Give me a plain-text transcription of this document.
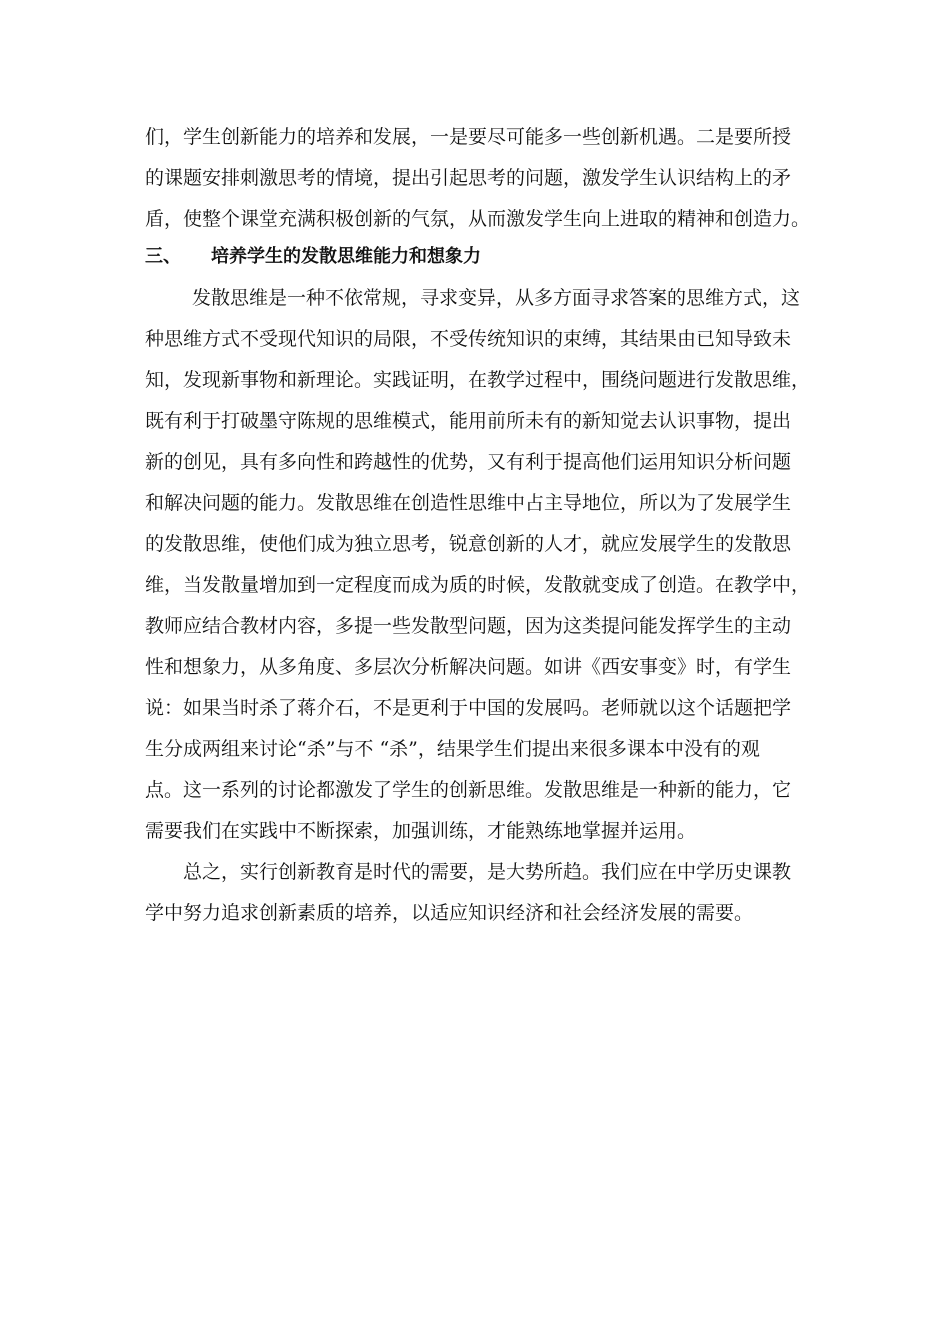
们，学生创新能力的培养和发展，一是要尽可能多一些创新机遇。二是要所授
的课题安排刺激思考的情境，提出引起思考的问题，激发学生认识结构上的矛
盾，使整个课堂充满积极创新的气氛，从而激发学生向上进取的精神和创造力。
三、 培养学生的发散思维能力和想象力
发散思维是一种不依常规，寻求变异，从多方面寻求答案的思维方式，这
种思维方式不受现代知识的局限，不受传统知识的束缚，其结果由已知导致未
知，发现新事物和新理论。实践证明，在教学过程中，围绕问题进行发散思维，
既有利于打破墨守陈规的思维模式，能用前所未有的新知觉去认识事物，提出
新的创见，具有多向性和跨越性的优势，又有利于提高他们运用知识分析问题
和解决问题的能力。发散思维在创造性思维中占主导地位，所以为了发展学生
的发散思维，使他们成为独立思考，锐意创新的人才，就应发展学生的发散思
维，当发散量增加到一定程度而成为质的时候，发散就变成了创造。在教学中，
教师应结合教材内容，多提一些发散型问题，因为这类提问能发挥学生的主动
性和想象力，从多角度、多层次分析解决问题。如讲《西安事变》时，有学生
说：如果当时杀了蒋介石，不是更利于中国的发展吗。老师就以这个话题把学
生分成两组来讨论“杀”与不 “杀”，结果学生们提出来很多课本中没有的观
点。这一系列的讨论都激发了学生的创新思维。发散思维是一种新的能力，它
需要我们在实践中不断探索，加强训练，才能熟练地掌握并运用。
总之，实行创新教育是时代的需要，是大势所趋。我们应在中学历史课教
学中努力追求创新素质的培养，以适应知识经济和社会经济发展的需要。
